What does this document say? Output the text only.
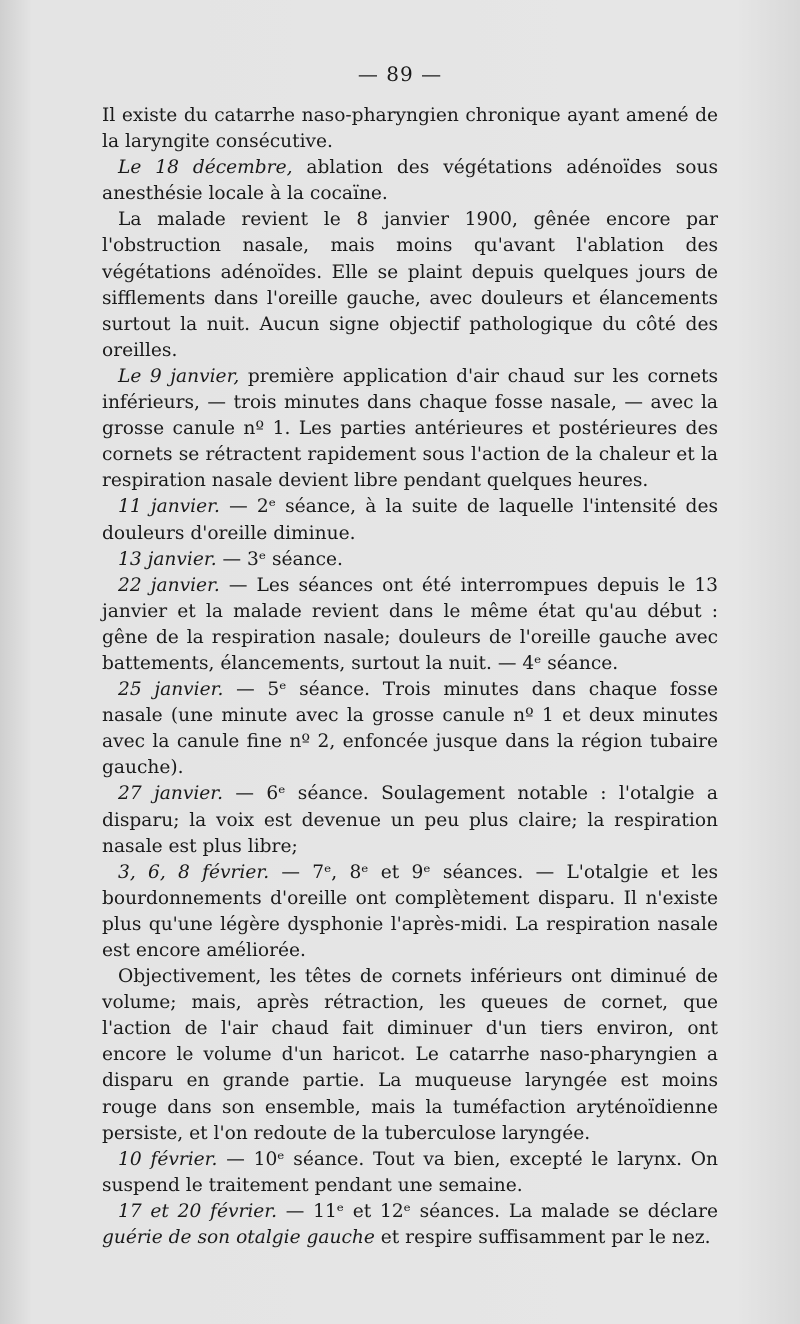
— 89 —

Il existe du catarrhe naso-pharyngien chronique ayant amené de la laryngite consécutive.

Le 18 décembre, ablation des végétations adénoïdes sous anesthésie locale à la cocaïne.

La malade revient le 8 janvier 1900, gênée encore par l'obstruction nasale, mais moins qu'avant l'ablation des végétations adénoïdes. Elle se plaint depuis quelques jours de sifflements dans l'oreille gauche, avec douleurs et élancements surtout la nuit. Aucun signe objectif pathologique du côté des oreilles.

Le 9 janvier, première application d'air chaud sur les cornets inférieurs, — trois minutes dans chaque fosse nasale, — avec la grosse canule nº 1. Les parties antérieures et postérieures des cornets se rétractent rapidement sous l'action de la chaleur et la respiration nasale devient libre pendant quelques heures.

11 janvier. — 2ᵉ séance, à la suite de laquelle l'intensité des douleurs d'oreille diminue.

13 janvier. — 3ᵉ séance.

22 janvier. — Les séances ont été interrompues depuis le 13 janvier et la malade revient dans le même état qu'au début : gêne de la respiration nasale; douleurs de l'oreille gauche avec battements, élancements, surtout la nuit. — 4ᵉ séance.

25 janvier. — 5ᵉ séance. Trois minutes dans chaque fosse nasale (une minute avec la grosse canule nº 1 et deux minutes avec la canule fine nº 2, enfoncée jusque dans la région tubaire gauche).

27 janvier. — 6ᵉ séance. Soulagement notable : l'otalgie a disparu; la voix est devenue un peu plus claire; la respiration nasale est plus libre;

3, 6, 8 février. — 7ᵉ, 8ᵉ et 9ᵉ séances. — L'otalgie et les bourdonnements d'oreille ont complètement disparu. Il n'existe plus qu'une légère dysphonie l'après-midi. La respiration nasale est encore améliorée.

Objectivement, les têtes de cornets inférieurs ont diminué de volume; mais, après rétraction, les queues de cornet, que l'action de l'air chaud fait diminuer d'un tiers environ, ont encore le volume d'un haricot. Le catarrhe naso-pharyngien a disparu en grande partie. La muqueuse laryngée est moins rouge dans son ensemble, mais la tuméfaction aryténoïdienne persiste, et l'on redoute de la tuberculose laryngée.

10 février. — 10ᵉ séance. Tout va bien, excepté le larynx. On suspend le traitement pendant une semaine.

17 et 20 février. — 11ᵉ et 12ᵉ séances. La malade se déclare guérie de son otalgie gauche et respire suffisamment par le nez.
